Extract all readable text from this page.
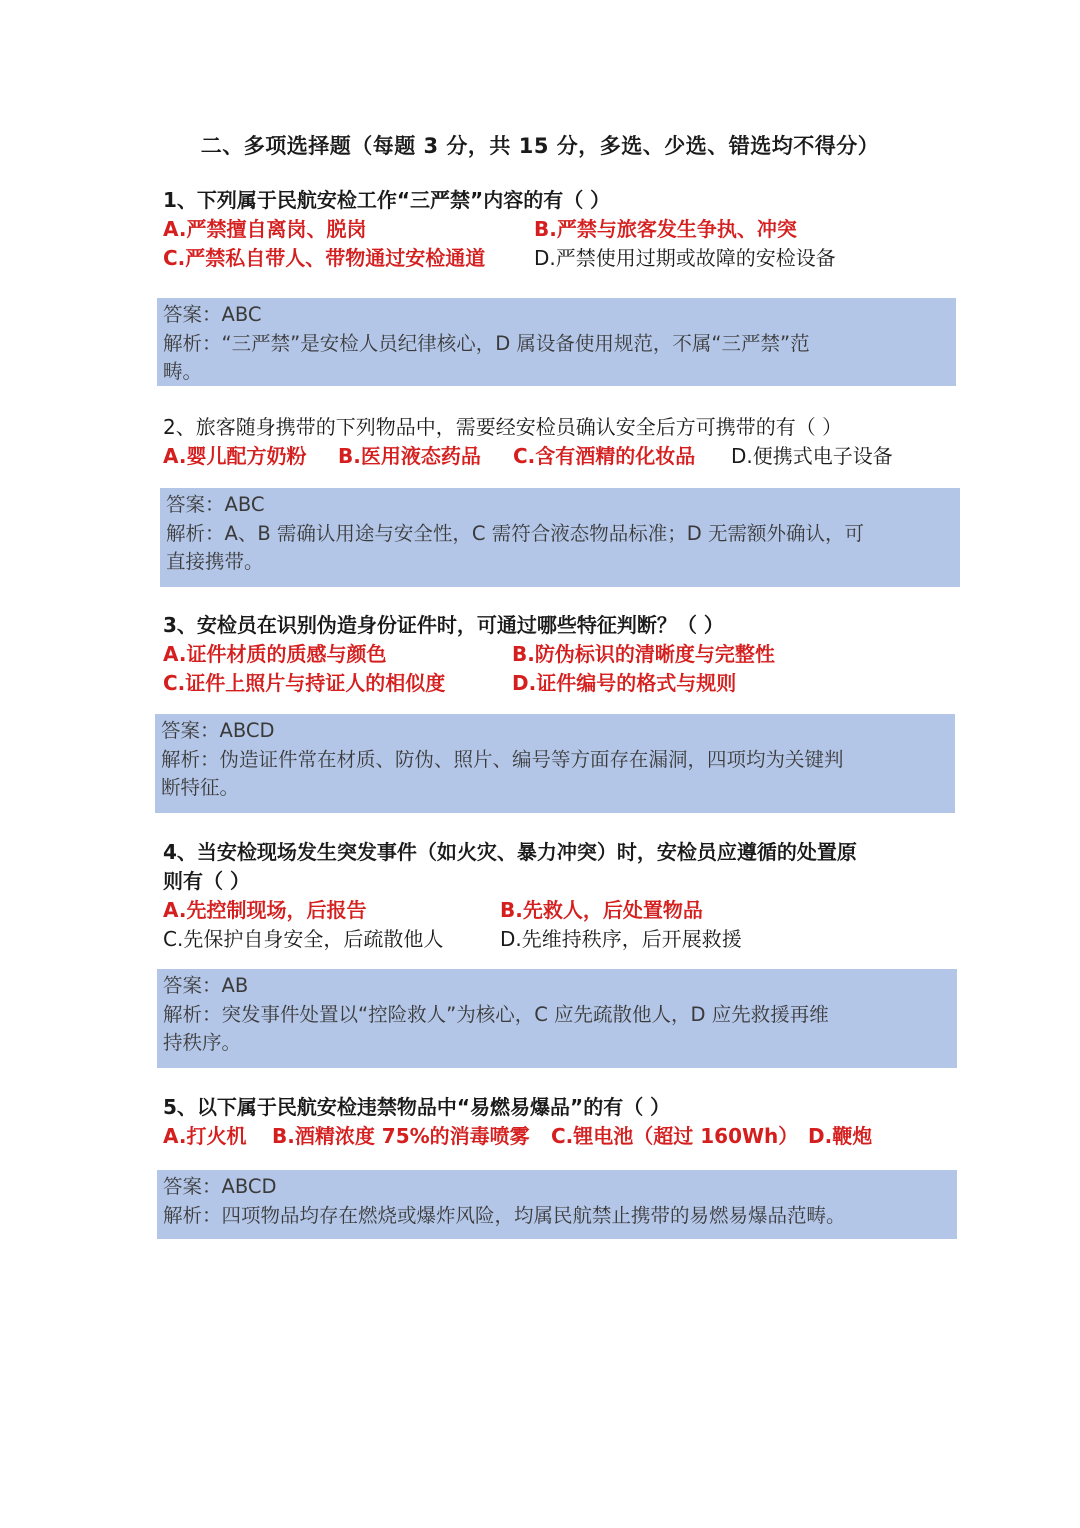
二、多项选择题（每题 3 分，共 15 分，多选、少选、错选均不得分）

1、下列属于民航安检工作“三严禁”内容的有（ ）

A.严禁擅自离岗、脱岗	B.严禁与旅客发生争执、冲突
C.严禁私自带人、带物通过安检通道 D.严禁使用过期或故障的安检设备

答案：ABC

解析：“三严禁”是安检人员纪律核心，D 属设备使用规范，不属“三严禁”范

畴。

2、旅客随身携带的下列物品中，需要经安检员确认安全后方可携带的有（ ）

A.婴儿配方奶粉 B.医用液态药品 C.含有酒精的化妆品 D.便携式电子设备

答案：ABC

解析：A、B 需确认用途与安全性，C 需符合液态物品标准；D 无需额外确认，可

直接携带。

3、安检员在识别伪造身份证件时，可通过哪些特征判断？（ ）

A.证件材质的质感与颜色	B.防伪标识的清晰度与完整性
C.证件上照片与持证人的相似度	D.证件编号的格式与规则

答案：ABCD

解析：伪造证件常在材质、防伪、照片、编号等方面存在漏洞，四项均为关键判

断特征。

4、当安检现场发生突发事件（如火灾、暴力冲突）时，安检员应遵循的处置原

则有（ ）

A.先控制现场，后报告	B.先救人，后处置物品
C.先保护自身安全，后疏散他人	D.先维持秩序，后开展救援

答案：AB

解析：突发事件处置以“控险救人”为核心，C 应先疏散他人，D 应先救援再维

持秩序。

5、以下属于民航安检违禁物品中“易燃易爆品”的有（ ）

A.打火机 B.酒精浓度 75%的消毒喷雾 C.锂电池（超过 160Wh） D.鞭炮

答案：ABCD

解析：四项物品均存在燃烧或爆炸风险，均属民航禁止携带的易燃易爆品范畴。
